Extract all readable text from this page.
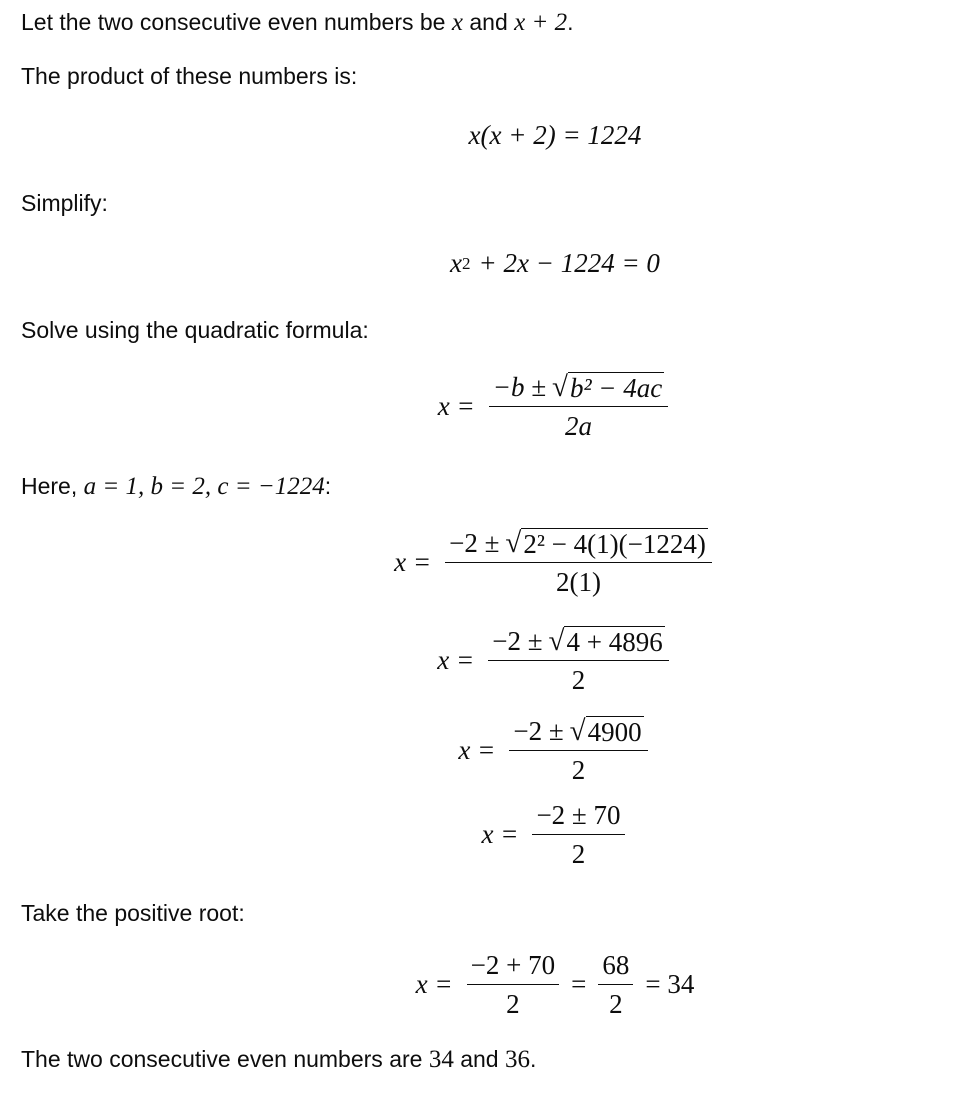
Let the two consecutive even numbers be x and x + 2.
The product of these numbers is:
x(x + 2) = 1224
Simplify:
x 2 + 2x − 1224 = 0
Solve using the quadratic formula:
$x = \frac{\text{−b ± √ b² − 4ac}}{2a}$
Here, a = 1, b = 2, c = −1224:
$x = \frac{\text{−2 ± √ 2² − 4(1)(−1224)}}{2(1)}$
$x = \frac{-2 \pm √ 4 + 4896}{2}$
$x = \frac{-2 \pm √ 4900}{2}$
$x = \frac{-2 \pm 70}{2}$
Take the positive root:
$x = \frac{-2 + 70}{2} = \frac{68}{2} = 34$
The two consecutive even numbers are 34 and 36.
